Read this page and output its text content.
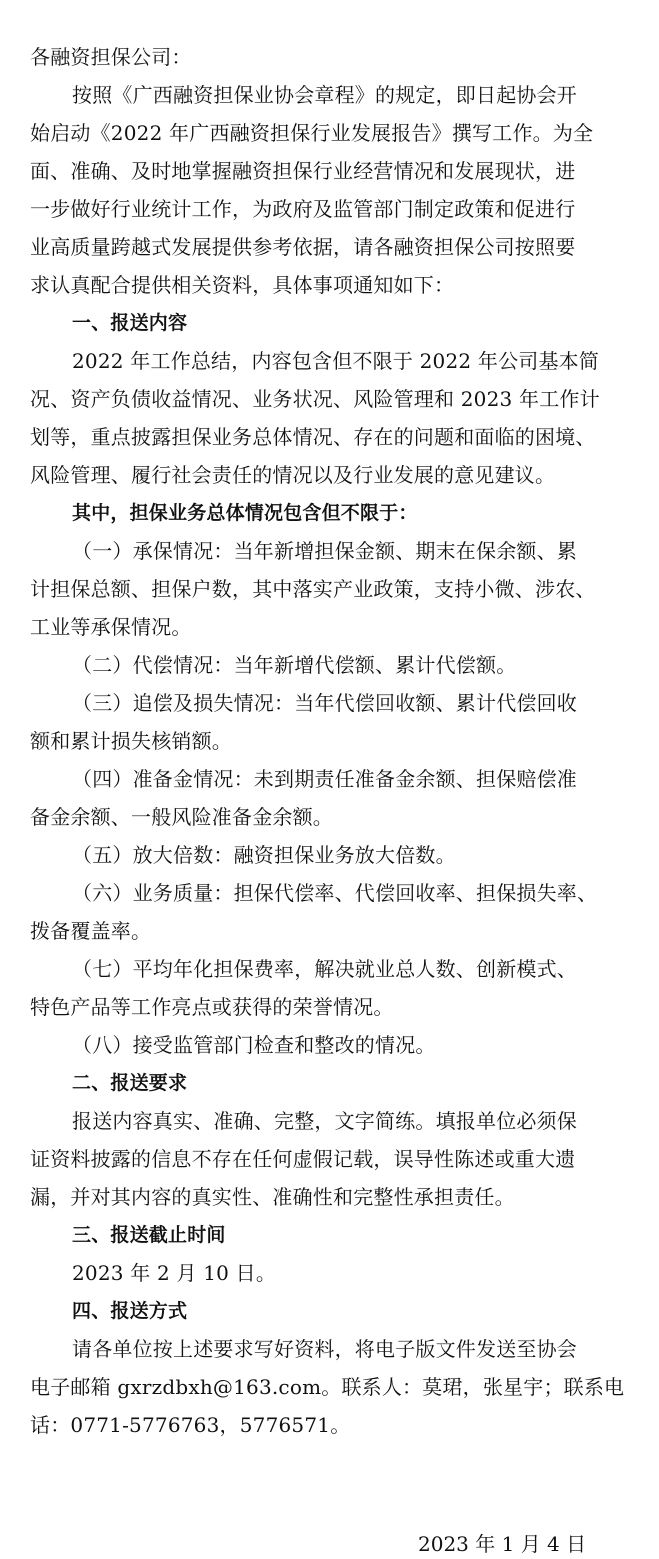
各融资担保公司：
按照《广西融资担保业协会章程》的规定，即日起协会开
始启动《2022 年广西融资担保行业发展报告》撰写工作。为全
面、准确、及时地掌握融资担保行业经营情况和发展现状，进
一步做好行业统计工作，为政府及监管部门制定政策和促进行
业高质量跨越式发展提供参考依据，请各融资担保公司按照要
求认真配合提供相关资料，具体事项通知如下：
一、报送内容
2022 年工作总结，内容包含但不限于 2022 年公司基本简
况、资产负债收益情况、业务状况、风险管理和 2023 年工作计
划等，重点披露担保业务总体情况、存在的问题和面临的困境、
风险管理、履行社会责任的情况以及行业发展的意见建议。
其中，担保业务总体情况包含但不限于：
（一）承保情况：当年新增担保金额、期末在保余额、累
计担保总额、担保户数，其中落实产业政策，支持小微、涉农、
工业等承保情况。
（二）代偿情况：当年新增代偿额、累计代偿额。
（三）追偿及损失情况：当年代偿回收额、累计代偿回收
额和累计损失核销额。
（四）准备金情况：未到期责任准备金余额、担保赔偿准
备金余额、一般风险准备金余额。
（五）放大倍数：融资担保业务放大倍数。
（六）业务质量：担保代偿率、代偿回收率、担保损失率、
拨备覆盖率。
（七）平均年化担保费率，解决就业总人数、创新模式、
特色产品等工作亮点或获得的荣誉情况。
（八）接受监管部门检查和整改的情况。
二、报送要求
报送内容真实、准确、完整，文字简练。填报单位必须保
证资料披露的信息不存在任何虚假记载，误导性陈述或重大遗
漏，并对其内容的真实性、准确性和完整性承担责任。
三、报送截止时间
2023 年 2 月 10 日。
四、报送方式
请各单位按上述要求写好资料，将电子版文件发送至协会
电子邮箱 gxrzdbxh@163.com。联系人：莫珺，张星宇；联系电
话：0771-5776763，5776571。
2023 年 1 月 4 日
